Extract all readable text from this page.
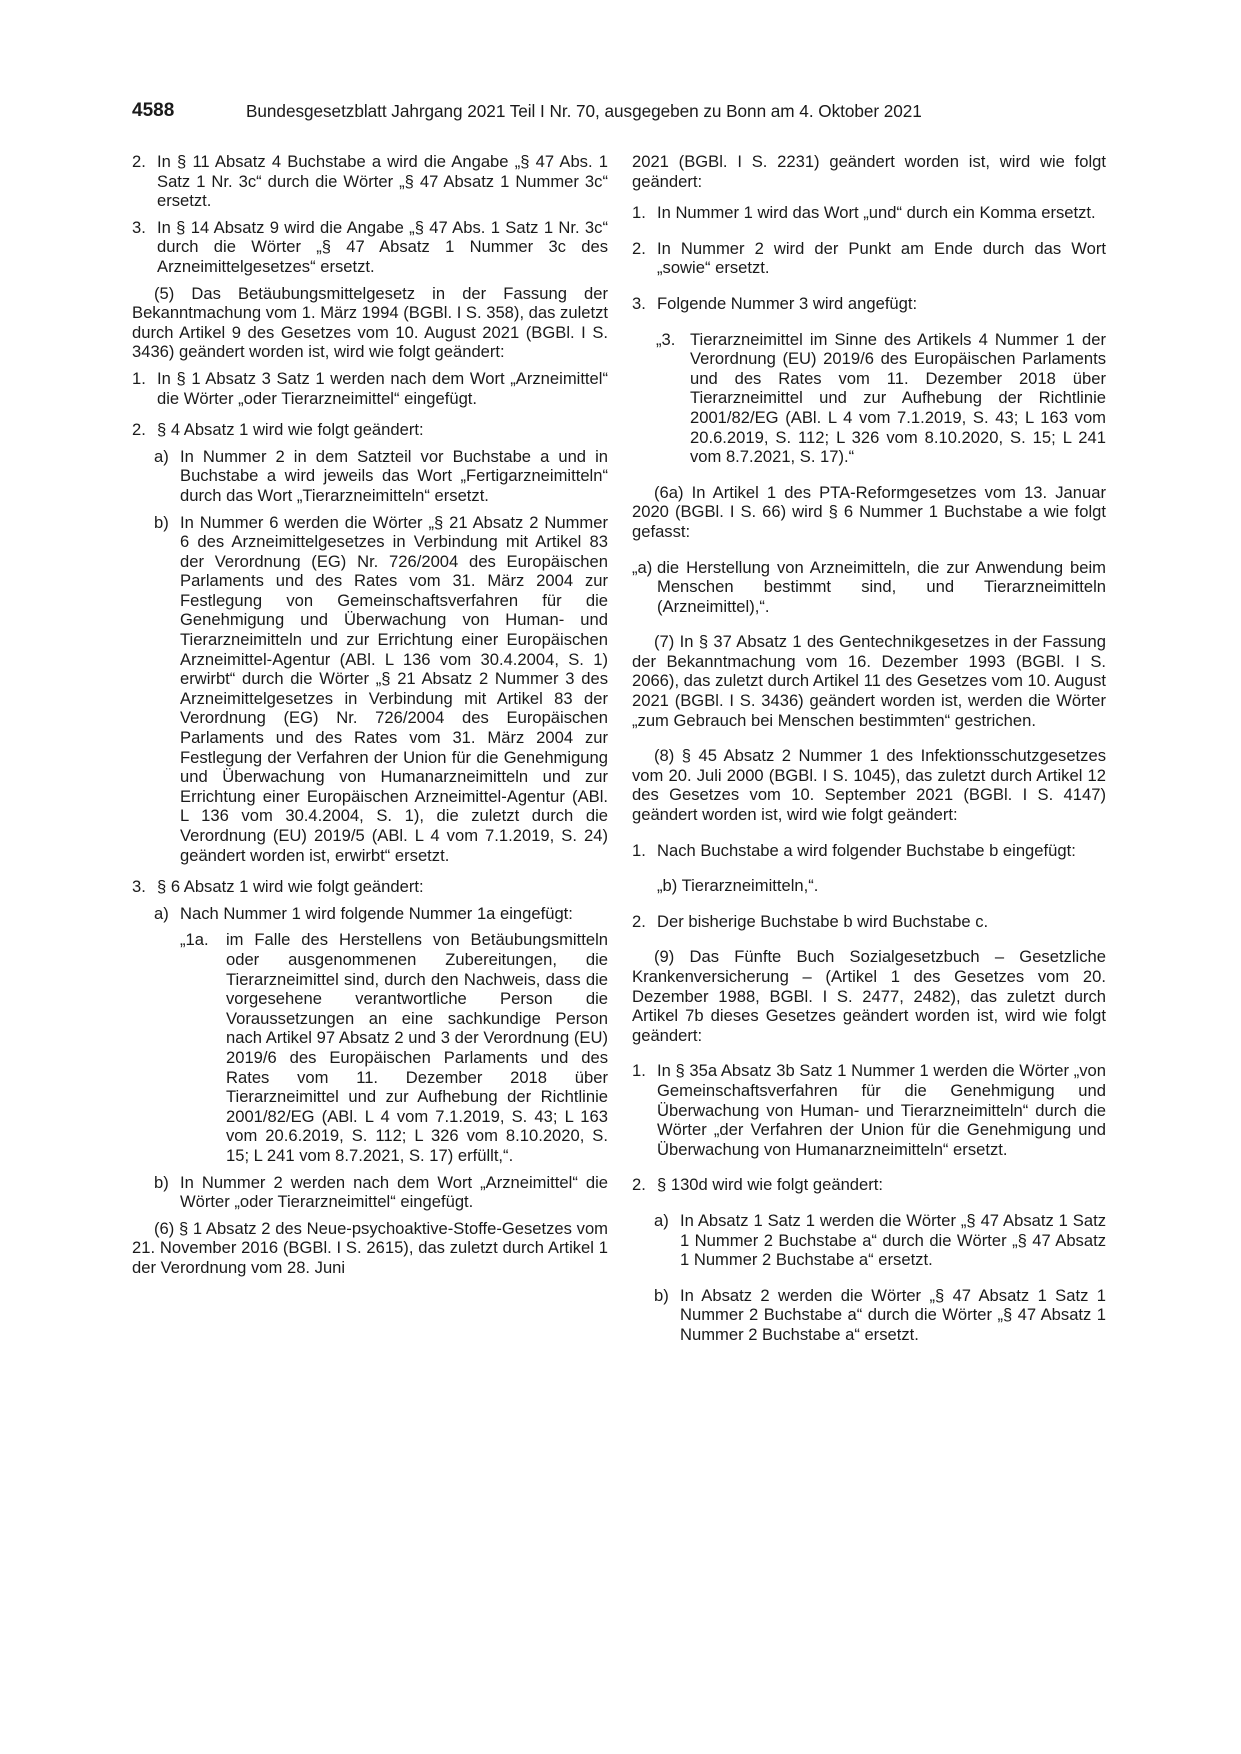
4588	Bundesgesetzblatt Jahrgang 2021 Teil I Nr. 70, ausgegeben zu Bonn am 4. Oktober 2021
2. In § 11 Absatz 4 Buchstabe a wird die Angabe „§ 47 Abs. 1 Satz 1 Nr. 3c“ durch die Wörter „§ 47 Absatz 1 Nummer 3c“ ersetzt.
3. In § 14 Absatz 9 wird die Angabe „§ 47 Abs. 1 Satz 1 Nr. 3c“ durch die Wörter „§ 47 Absatz 1 Nummer 3c des Arzneimittelgesetzes“ ersetzt.

(5) Das Betäubungsmittelgesetz in der Fassung der Bekanntmachung vom 1. März 1994 (BGBl. I S. 358), das zuletzt durch Artikel 9 des Gesetzes vom 10. August 2021 (BGBl. I S. 3436) geändert worden ist, wird wie folgt geändert:

1. In § 1 Absatz 3 Satz 1 werden nach dem Wort „Arzneimittel“ die Wörter „oder Tierarzneimittel“ eingefügt.
2. § 4 Absatz 1 wird wie folgt geändert:
a) In Nummer 2 in dem Satzteil vor Buchstabe a und in Buchstabe a wird jeweils das Wort „Fertigarzneimitteln“ durch das Wort „Tierarzneimitteln“ ersetzt.
b) In Nummer 6 werden die Wörter „§ 21 Absatz 2 Nummer 6 des Arzneimittelgesetzes in Verbindung mit Artikel 83 der Verordnung (EG) Nr. 726/2004 des Europäischen Parlaments und des Rates vom 31. März 2004 zur Festlegung von Gemeinschaftsverfahren für die Genehmigung und Überwachung von Human- und Tierarzneimitteln und zur Errichtung einer Europäischen Arzneimittel-Agentur (ABl. L 136 vom 30.4.2004, S. 1) erwirbt“ durch die Wörter „§ 21 Absatz 2 Nummer 3 des Arzneimittelgesetzes in Verbindung mit Artikel 83 der Verordnung (EG) Nr. 726/2004 des Europäischen Parlaments und des Rates vom 31. März 2004 zur Festlegung der Verfahren der Union für die Genehmigung und Überwachung von Humanarzneimitteln und zur Errichtung einer Europäischen Arzneimittel-Agentur (ABl. L 136 vom 30.4.2004, S. 1), die zuletzt durch die Verordnung (EU) 2019/5 (ABl. L 4 vom 7.1.2019, S. 24) geändert worden ist, erwirbt“ ersetzt.
3. § 6 Absatz 1 wird wie folgt geändert:
a) Nach Nummer 1 wird folgende Nummer 1a eingefügt:
„1a.	im Falle des Herstellens von Betäubungsmitteln oder ausgenommenen Zubereitungen, die Tierarzneimittel sind, durch den Nachweis, dass die vorgesehene verantwortliche Person die Voraussetzungen an eine sachkundige Person nach Artikel 97 Absatz 2 und 3 der Verordnung (EU) 2019/6 des Europäischen Parlaments und des Rates vom 11. Dezember 2018 über Tierarzneimittel und zur Aufhebung der Richtlinie 2001/82/EG (ABl. L 4 vom 7.1.2019, S. 43; L 163 vom 20.6.2019, S. 112; L 326 vom 8.10.2020, S. 15; L 241 vom 8.7.2021, S. 17) erfüllt,“.
b) In Nummer 2 werden nach dem Wort „Arzneimittel“ die Wörter „oder Tierarzneimittel“ eingefügt.

(6) § 1 Absatz 2 des Neue-psychoaktive-Stoffe-Gesetzes vom 21. November 2016 (BGBl. I S. 2615), das zuletzt durch Artikel 1 der Verordnung vom 28. Juni

2021 (BGBl. I S. 2231) geändert worden ist, wird wie folgt geändert:

1. In Nummer 1 wird das Wort „und“ durch ein Komma ersetzt.
2. In Nummer 2 wird der Punkt am Ende durch das Wort „sowie“ ersetzt.
3. Folgende Nummer 3 wird angefügt:
„3. Tierarzneimittel im Sinne des Artikels 4 Nummer 1 der Verordnung (EU) 2019/6 des Europäischen Parlaments und des Rates vom 11. Dezember 2018 über Tierarzneimittel und zur Aufhebung der Richtlinie 2001/82/EG (ABl. L 4 vom 7.1.2019, S. 43; L 163 vom 20.6.2019, S. 112; L 326 vom 8.10.2020, S. 15; L 241 vom 8.7.2021, S. 17).“

(6a) In Artikel 1 des PTA-Reformgesetzes vom 13. Januar 2020 (BGBl. I S. 66) wird § 6 Nummer 1 Buchstabe a wie folgt gefasst:

„a) die Herstellung von Arzneimitteln, die zur Anwendung beim Menschen bestimmt sind, und Tierarzneimitteln (Arzneimittel),“.

(7) In § 37 Absatz 1 des Gentechnikgesetzes in der Fassung der Bekanntmachung vom 16. Dezember 1993 (BGBl. I S. 2066), das zuletzt durch Artikel 11 des Gesetzes vom 10. August 2021 (BGBl. I S. 3436) geändert worden ist, werden die Wörter „zum Gebrauch bei Menschen bestimmten“ gestrichen.

(8) § 45 Absatz 2 Nummer 1 des Infektionsschutzgesetzes vom 20. Juli 2000 (BGBl. I S. 1045), das zuletzt durch Artikel 12 des Gesetzes vom 10. September 2021 (BGBl. I S. 4147) geändert worden ist, wird wie folgt geändert:

1. Nach Buchstabe a wird folgender Buchstabe b eingefügt:

„b) Tierarzneimitteln,“.

2. Der bisherige Buchstabe b wird Buchstabe c.

(9) Das Fünfte Buch Sozialgesetzbuch – Gesetzliche Krankenversicherung – (Artikel 1 des Gesetzes vom 20. Dezember 1988, BGBl. I S. 2477, 2482), das zuletzt durch Artikel 7b dieses Gesetzes geändert worden ist, wird wie folgt geändert:

1. In § 35a Absatz 3b Satz 1 Nummer 1 werden die Wörter „von Gemeinschaftsverfahren für die Genehmigung und Überwachung von Human- und Tierarzneimitteln“ durch die Wörter „der Verfahren der Union für die Genehmigung und Überwachung von Humanarzneimitteln“ ersetzt.
2. § 130d wird wie folgt geändert:
a) In Absatz 1 Satz 1 werden die Wörter „§ 47 Absatz 1 Satz 1 Nummer 2 Buchstabe a“ durch die Wörter „§ 47 Absatz 1 Nummer 2 Buchstabe a“ ersetzt.
b) In Absatz 2 werden die Wörter „§ 47 Absatz 1 Satz 1 Nummer 2 Buchstabe a“ durch die Wörter „§ 47 Absatz 1 Nummer 2 Buchstabe a“ ersetzt.
